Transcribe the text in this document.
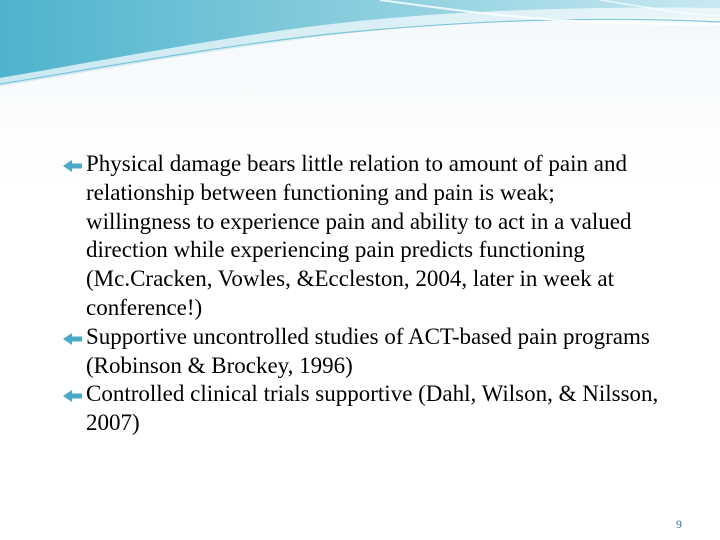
Physical damage bears little relation to amount of pain and relationship between functioning and pain is weak; willingness to experience pain and ability to act in a valued direction while experiencing pain predicts functioning (Mc.Cracken, Vowles, &Eccleston, 2004, later in week at conference!)
Supportive uncontrolled studies of ACT-based pain programs (Robinson & Brockey, 1996)
Controlled clinical trials supportive (Dahl, Wilson, & Nilsson, 2007)
9
